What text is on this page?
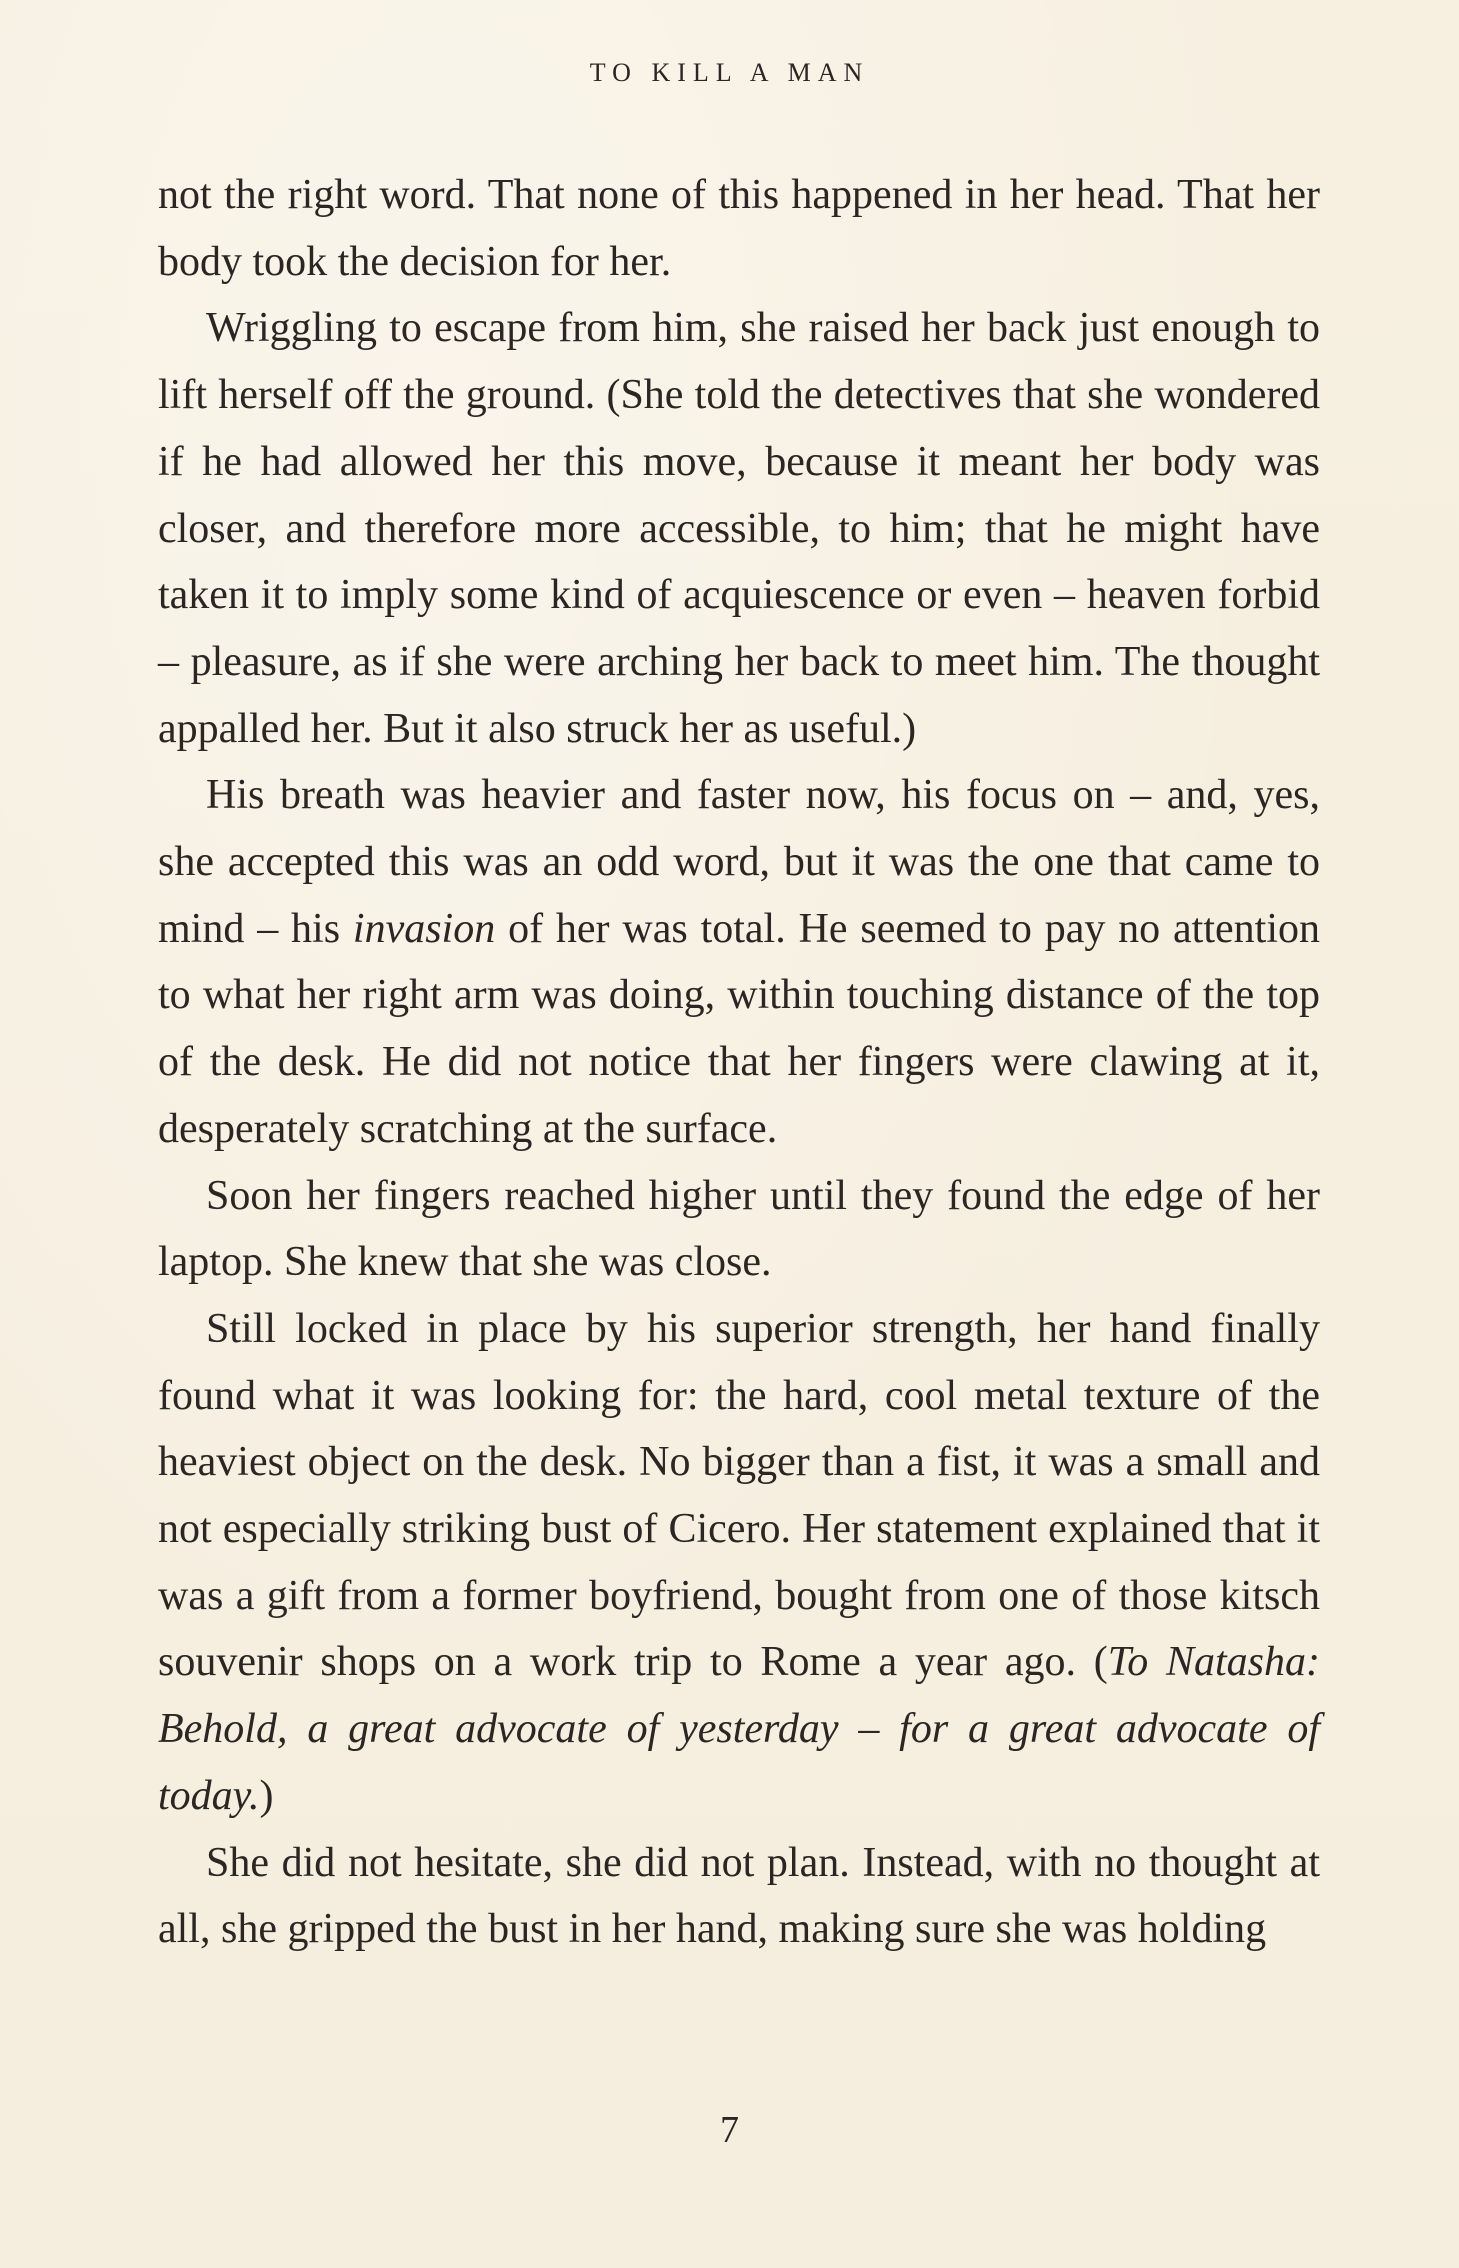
TO KILL A MAN

not the right word. That none of this happened in her head. That her body took the decision for her.

Wriggling to escape from him, she raised her back just enough to lift herself off the ground. (She told the detectives that she wondered if he had allowed her this move, because it meant her body was closer, and therefore more accessible, to him; that he might have taken it to imply some kind of acquiescence or even – heaven forbid – pleasure, as if she were arching her back to meet him. The thought appalled her. But it also struck her as useful.)

His breath was heavier and faster now, his focus on – and, yes, she accepted this was an odd word, but it was the one that came to mind – his invasion of her was total. He seemed to pay no attention to what her right arm was doing, within touching distance of the top of the desk. He did not notice that her fingers were clawing at it, desperately scratching at the surface.

Soon her fingers reached higher until they found the edge of her laptop. She knew that she was close.

Still locked in place by his superior strength, her hand finally found what it was looking for: the hard, cool metal texture of the heaviest object on the desk. No bigger than a fist, it was a small and not especially striking bust of Cicero. Her statement explained that it was a gift from a former boyfriend, bought from one of those kitsch souvenir shops on a work trip to Rome a year ago. (To Natasha: Behold, a great advocate of yesterday – for a great advocate of today.)

She did not hesitate, she did not plan. Instead, with no thought at all, she gripped the bust in her hand, making sure she was holding

7
